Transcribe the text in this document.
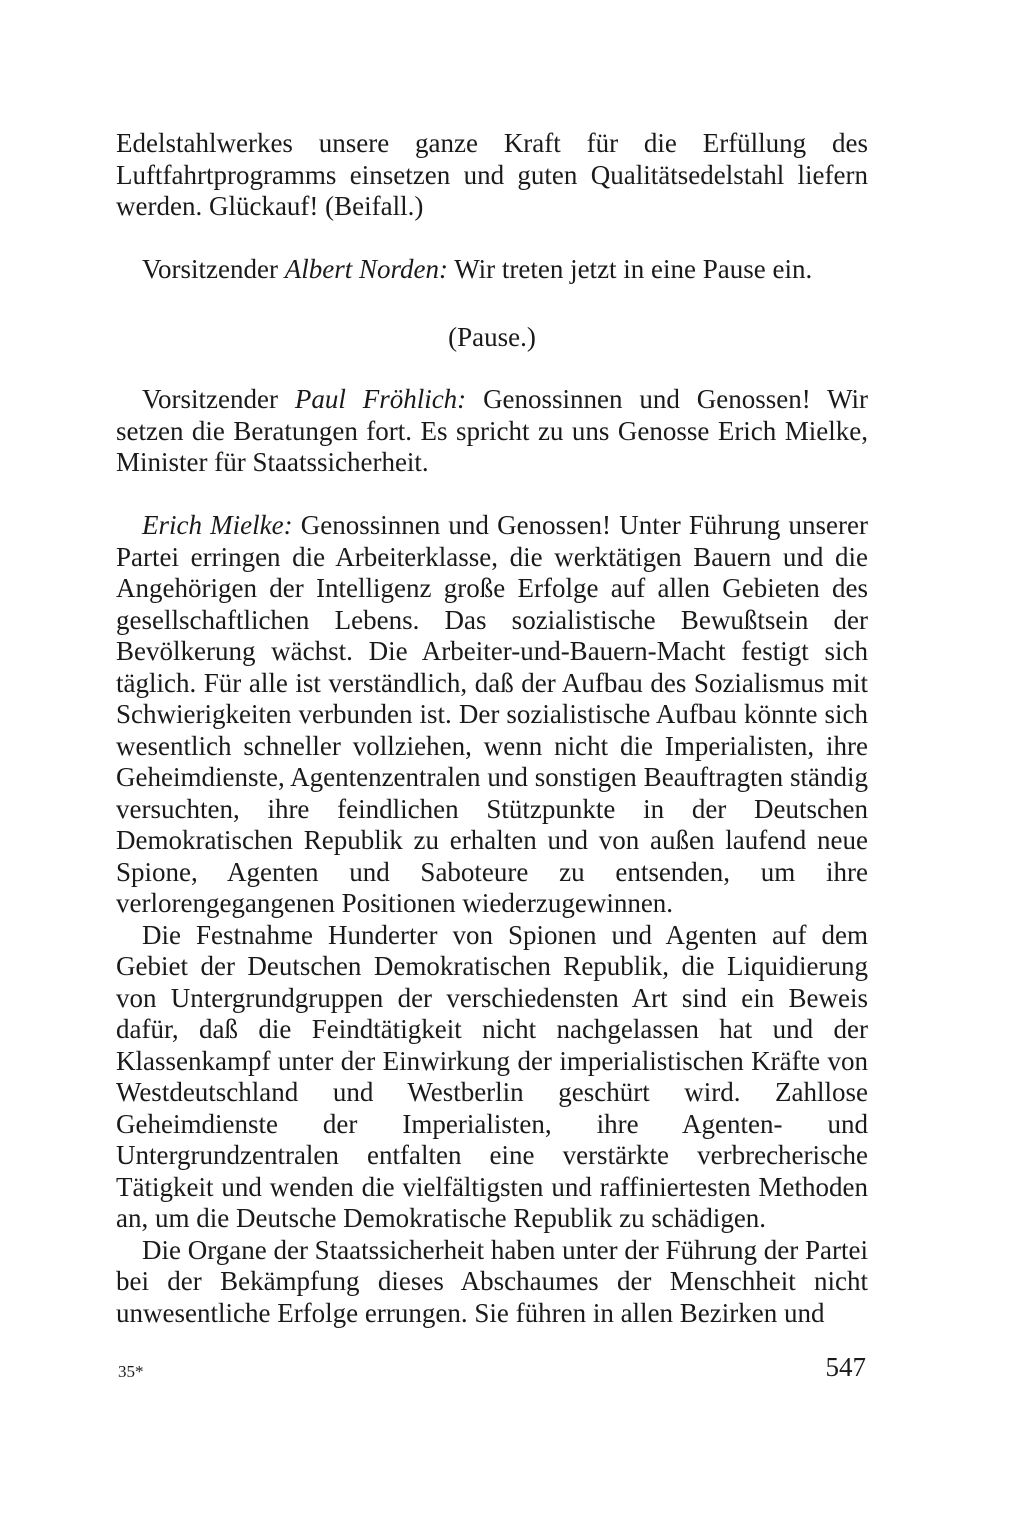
Edelstahlwerkes unsere ganze Kraft für die Erfüllung des Luftfahrtprogramms einsetzen und guten Qualitätsedelstahl liefern werden. Glückauf! (Beifall.)

Vorsitzender Albert Norden: Wir treten jetzt in eine Pause ein.

(Pause.)

Vorsitzender Paul Fröhlich: Genossinnen und Genossen! Wir setzen die Beratungen fort. Es spricht zu uns Genosse Erich Mielke, Minister für Staatssicherheit.

Erich Mielke: Genossinnen und Genossen! Unter Führung unserer Partei erringen die Arbeiterklasse, die werktätigen Bauern und die Angehörigen der Intelligenz große Erfolge auf allen Gebieten des gesellschaftlichen Lebens. Das sozialistische Bewußtsein der Bevölkerung wächst. Die Arbeiter-und-Bauern-Macht festigt sich täglich. Für alle ist verständlich, daß der Aufbau des Sozialismus mit Schwierigkeiten verbunden ist. Der sozialistische Aufbau könnte sich wesentlich schneller vollziehen, wenn nicht die Imperialisten, ihre Geheimdienste, Agentenzentralen und sonstigen Beauftragten ständig versuchten, ihre feindlichen Stützpunkte in der Deutschen Demokratischen Republik zu erhalten und von außen laufend neue Spione, Agenten und Saboteure zu entsenden, um ihre verlorengegangenen Positionen wiederzugewinnen.

Die Festnahme Hunderter von Spionen und Agenten auf dem Gebiet der Deutschen Demokratischen Republik, die Liquidierung von Untergrundgruppen der verschiedensten Art sind ein Beweis dafür, daß die Feindtätigkeit nicht nachgelassen hat und der Klassenkampf unter der Einwirkung der imperialistischen Kräfte von Westdeutschland und Westberlin geschürt wird. Zahllose Geheimdienste der Imperialisten, ihre Agenten- und Untergrundzentralen entfalten eine verstärkte verbrecherische Tätigkeit und wenden die vielfältigsten und raffiniertesten Methoden an, um die Deutsche Demokratische Republik zu schädigen.

Die Organe der Staatssicherheit haben unter der Führung der Partei bei der Bekämpfung dieses Abschaumes der Menschheit nicht unwesentliche Erfolge errungen. Sie führen in allen Bezirken und

35*	547
